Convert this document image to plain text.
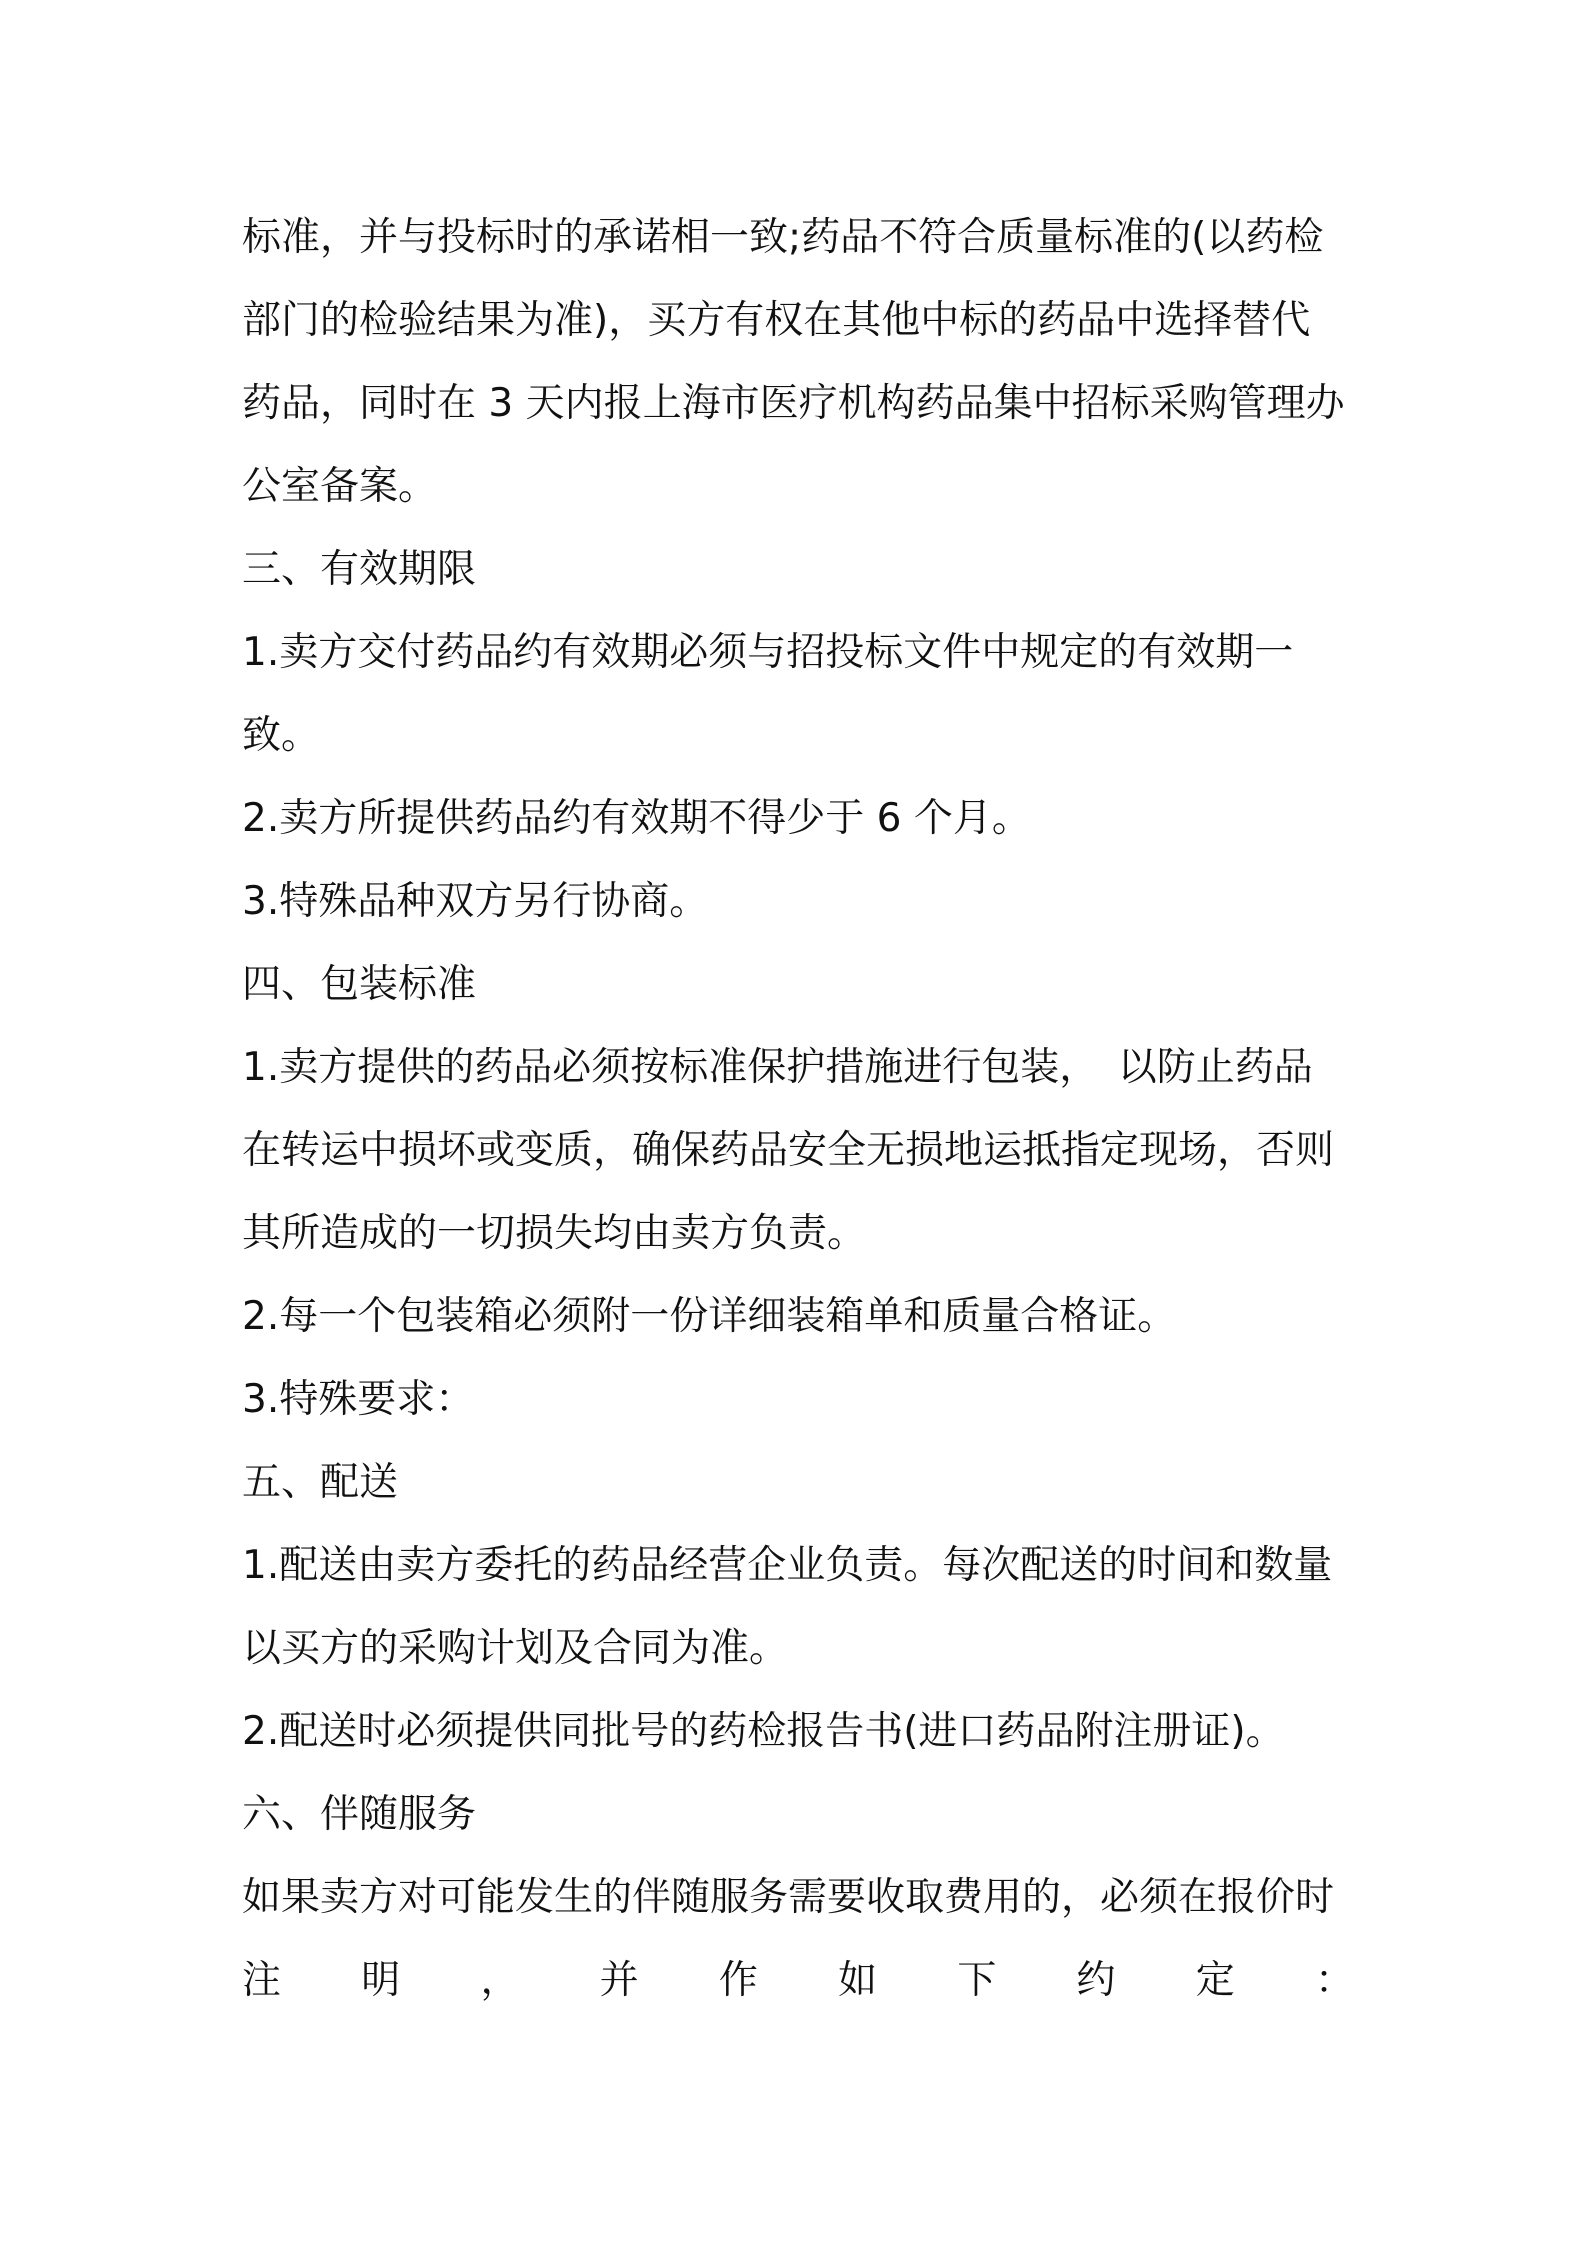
标准，并与投标时的承诺相一致;药品不符合质量标准的(以药检
部门的检验结果为准)，买方有权在其他中标的药品中选择替代
药品，同时在 3 天内报上海市医疗机构药品集中招标采购管理办
公室备案。
三、有效期限
1.卖方交付药品约有效期必须与招投标文件中规定的有效期一
致。
2.卖方所提供药品约有效期不得少于 6 个月。
3.特殊品种双方另行协商。
四、包装标准
1.卖方提供的药品必须按标准保护措施进行包装，　以防止药品
在转运中损坏或变质，确保药品安全无损地运抵指定现场，否则
其所造成的一切损失均由卖方负责。
2.每一个包装箱必须附一份详细装箱单和质量合格证。
3.特殊要求：
五、配送
1.配送由卖方委托的药品经营企业负责。每次配送的时间和数量
以买方的采购计划及合同为准。
2.配送时必须提供同批号的药检报告书(进口药品附注册证)。
六、伴随服务
如果卖方对可能发生的伴随服务需要收取费用的，必须在报价时
注 明 ， 并 作 如 下 约 定 ：
